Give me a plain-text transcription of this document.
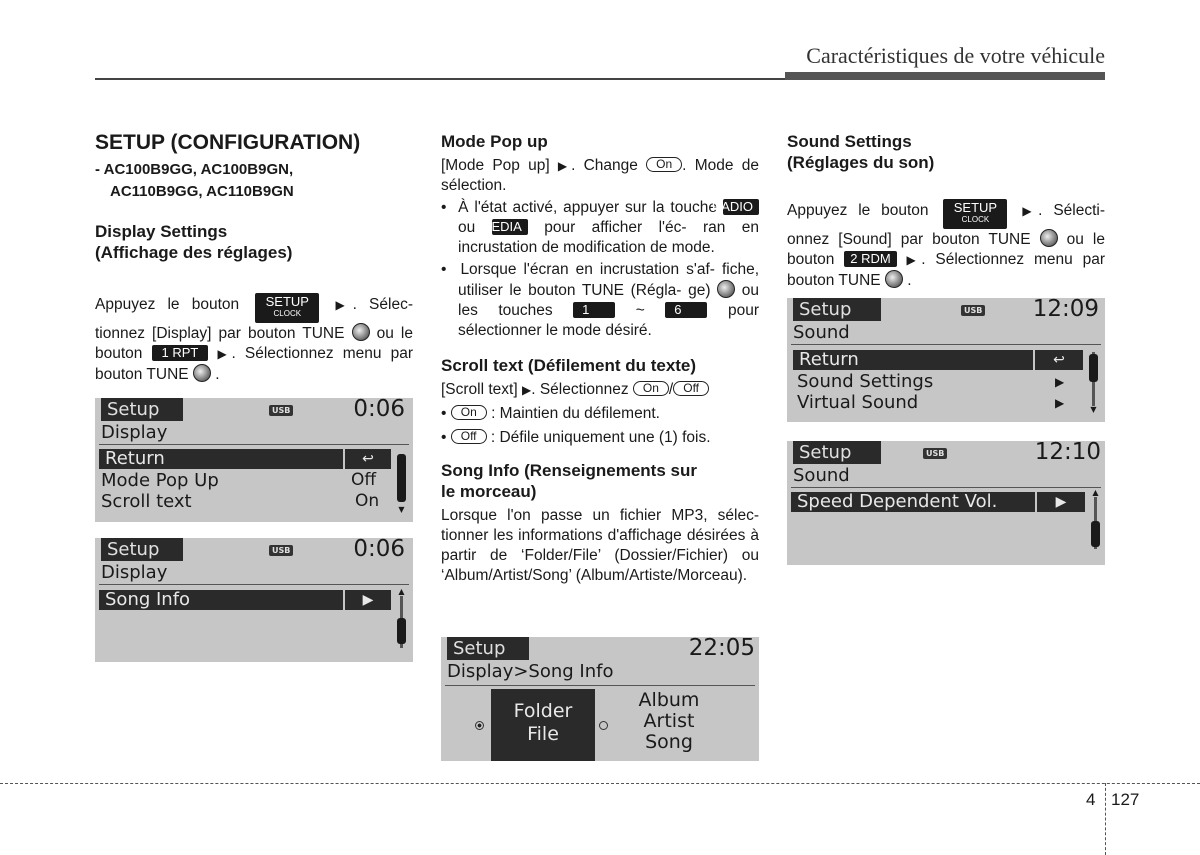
Caractéristiques de votre véhicule
SETUP (CONFIGURATION)
- AC100B9GG, AC100B9GN,
AC110B9GG, AC110B9GN
Display Settings
(Affichage des réglages)

Appuyez le bouton	SETUP
CLOCK
▶. Sélec- tionnez [Display] par bouton TUNE ou le bouton 1 RPT ▶. Sélectionnez menu par bouton TUNE .

Setup	USB	0:06
Display
Return	↩
Mode Pop Up	Off
Scroll text	On ▼
Setup	USB	0:06
Display
Song Info	▶
▲
Mode Pop up

[Mode Pop up] ▶. Change On . Mode de sélection.

•  À l'état activé, appuyer sur la touche RADIO ou MEDIA pour afficher l'éc- ran en incrustation de modification de mode.
•  Lorsque l'écran en incrustation s'af- fiche, utiliser le bouton TUNE (Régla- ge) ou les touches 1	~ 6	pour sélectionner le mode désiré.
Scroll text (Défilement du texte)

[Scroll text] ▶. Sélectionnez On / Off

• On : Maintien du défilement.

• Off : Défile uniquement une (1) fois.

Song Info (Renseignements sur
le morceau)

Lorsque l'on passe un fichier MP3, sélec- tionner les informations d'affichage désirées à partir de ‘Folder/File’ (Dossier/Fichier) ou ‘Album/Artist/Song’ (Album/Artiste/Morceau).

Setup	22:05
Display>Song Info
Folder
File
Album
Artist
Song
Sound Settings
(Réglages du son)

Appuyez le bouton	SETUP
CLOCK
▶. Sélecti- onnez [Sound] par bouton TUNE ou le bouton 2 RDM ▶. Sélectionnez menu par bouton TUNE .

Setup	USB 12:09
Sound
Return	↩
Sound Settings	▶
Virtual Sound	▶	▼
Setup	USB	12:10
Sound
Speed Dependent Vol.	▶
▲
4 127
